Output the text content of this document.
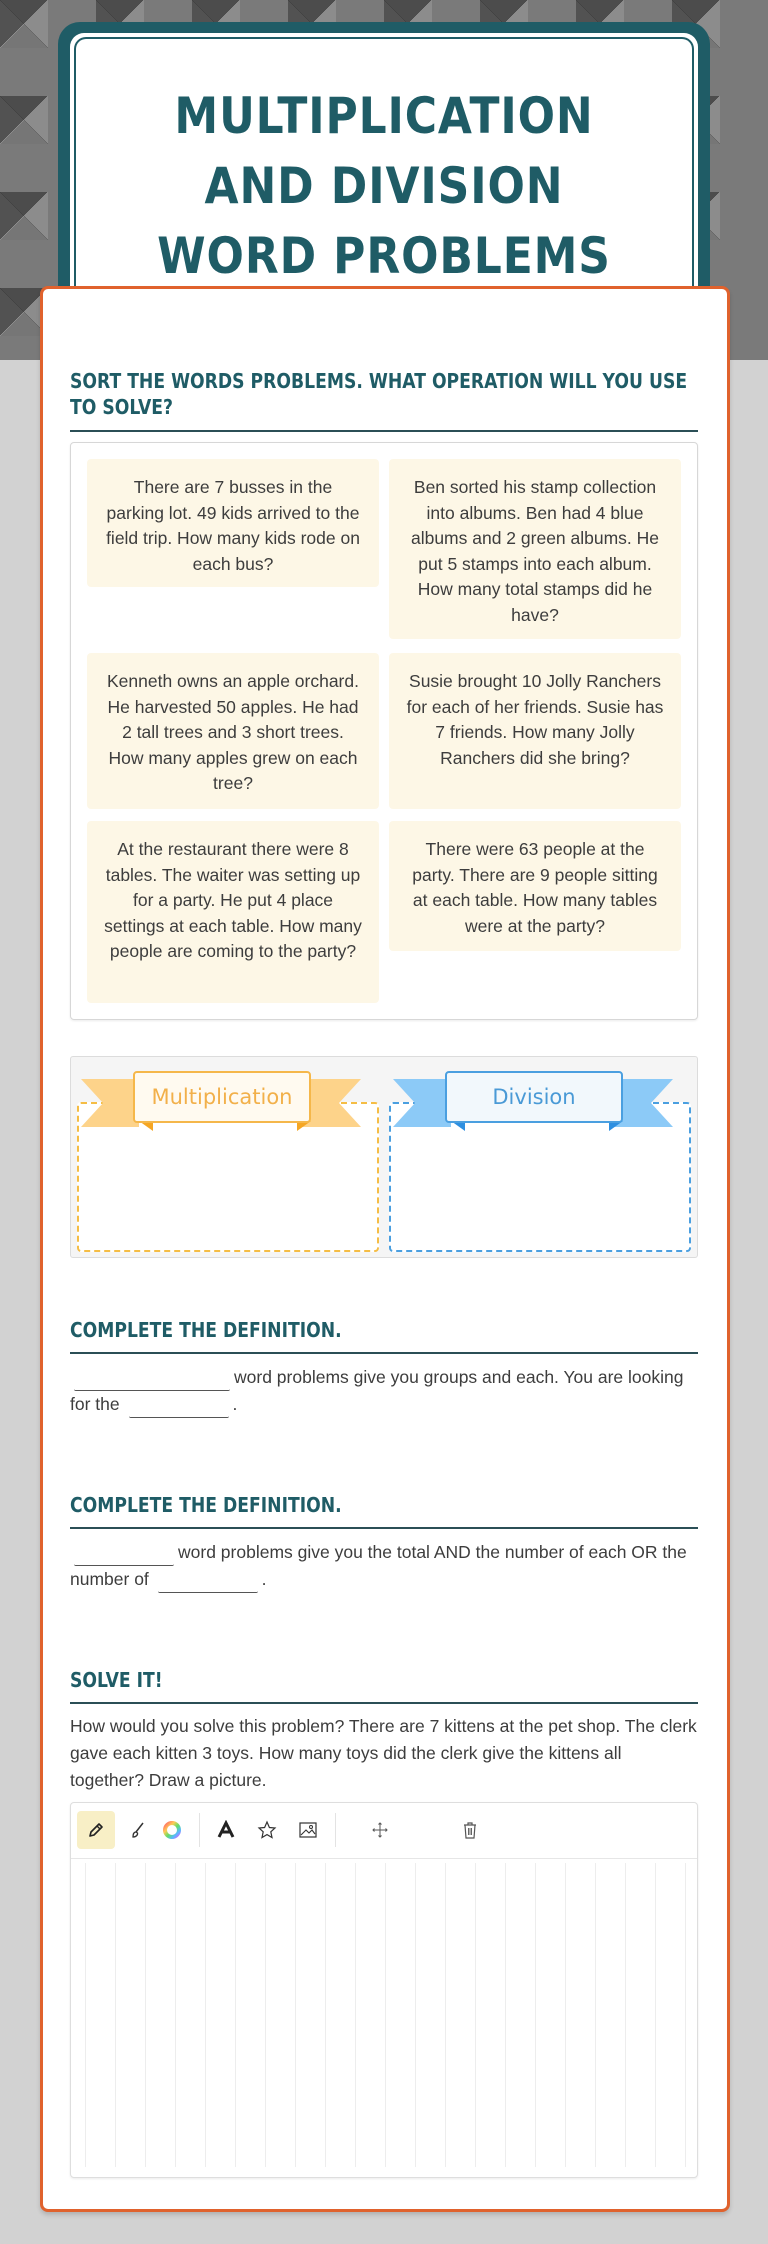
MULTIPLICATION AND DIVISION WORD PROBLEMS
SORT THE WORDS PROBLEMS. WHAT OPERATION WILL YOU USE TO SOLVE?
There are 7 busses in the parking lot. 49 kids arrived to the field trip. How many kids rode on each bus?
Ben sorted his stamp collection into albums. Ben had 4 blue albums and 2 green albums. He put 5 stamps into each album. How many total stamps did he have?
Kenneth owns an apple orchard. He harvested 50 apples. He had 2 tall trees and 3 short trees. How many apples grew on each tree?
Susie brought 10 Jolly Ranchers for each of her friends. Susie has 7 friends. How many Jolly Ranchers did she bring?
At the restaurant there were 8 tables. The waiter was setting up for a party. He put 4 place settings at each table. How many people are coming to the party?
There were 63 people at the party. There are 9 people sitting at each table. How many tables were at the party?
Multiplication	Division
COMPLETE THE DEFINITION.
word problems give you groups and each. You are looking for the	.
COMPLETE THE DEFINITION.
word problems give you the total AND the number of each OR the number of	.
SOLVE IT!
How would you solve this problem? There are 7 kittens at the pet shop. The clerk gave each kitten 3 toys. How many toys did the clerk give the kittens all together? Draw a picture.
